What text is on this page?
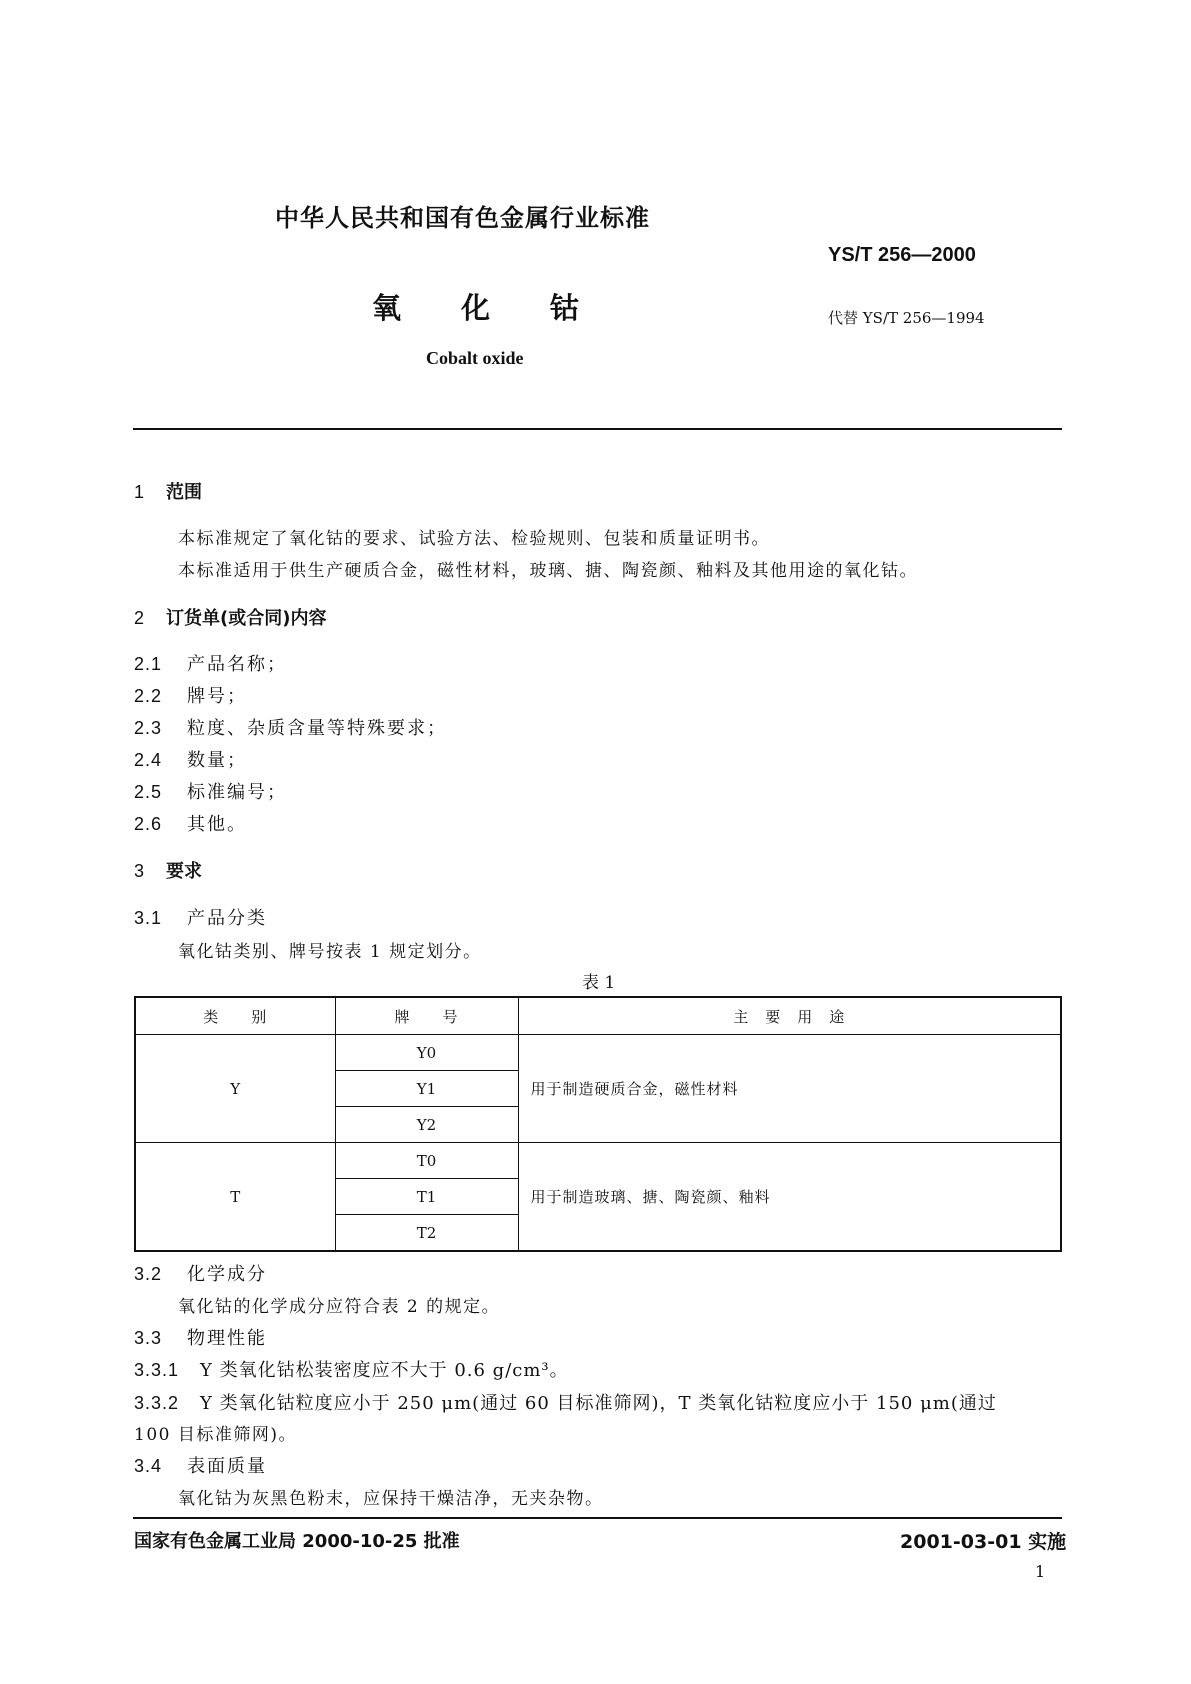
中华人民共和国有色金属行业标准
YS/T 256—2000
氧化钴	代替 YS/T 256—1994
Cobalt oxide
1 范围
本标准规定了氧化钴的要求、试验方法、检验规则、包装和质量证明书。
本标准适用于供生产硬质合金，磁性材料，玻璃、搪、陶瓷颜、釉料及其他用途的氧化钴。
2 订货单(或合同)内容
2.1 产品名称；
2.2 牌号；
2.3 粒度、杂质含量等特殊要求；
2.4 数量；
2.5 标准编号；
2.6 其他。
3 要求
3.1 产品分类
氧化钴类别、牌号按表 1 规定划分。
表 1
类　　别	牌　　号	主　要　用　途
Y	Y0	用于制造硬质合金，磁性材料
	Y1	
	Y2	
T	T0	用于制造玻璃、搪、陶瓷颜、釉料
	T1	
	T2	
3.2 化学成分
氧化钴的化学成分应符合表 2 的规定。
3.3 物理性能
3.3.1 Y 类氧化钴松装密度应不大于 0.6 g/cm³。
3.3.2 Y 类氧化钴粒度应小于 250 μm(通过 60 目标准筛网)，T 类氧化钴粒度应小于 150 μm(通过
100 目标准筛网)。
3.4 表面质量
氧化钴为灰黑色粉末，应保持干燥洁净，无夹杂物。
国家有色金属工业局 2000-10-25 批准	2001-03-01 实施
1
